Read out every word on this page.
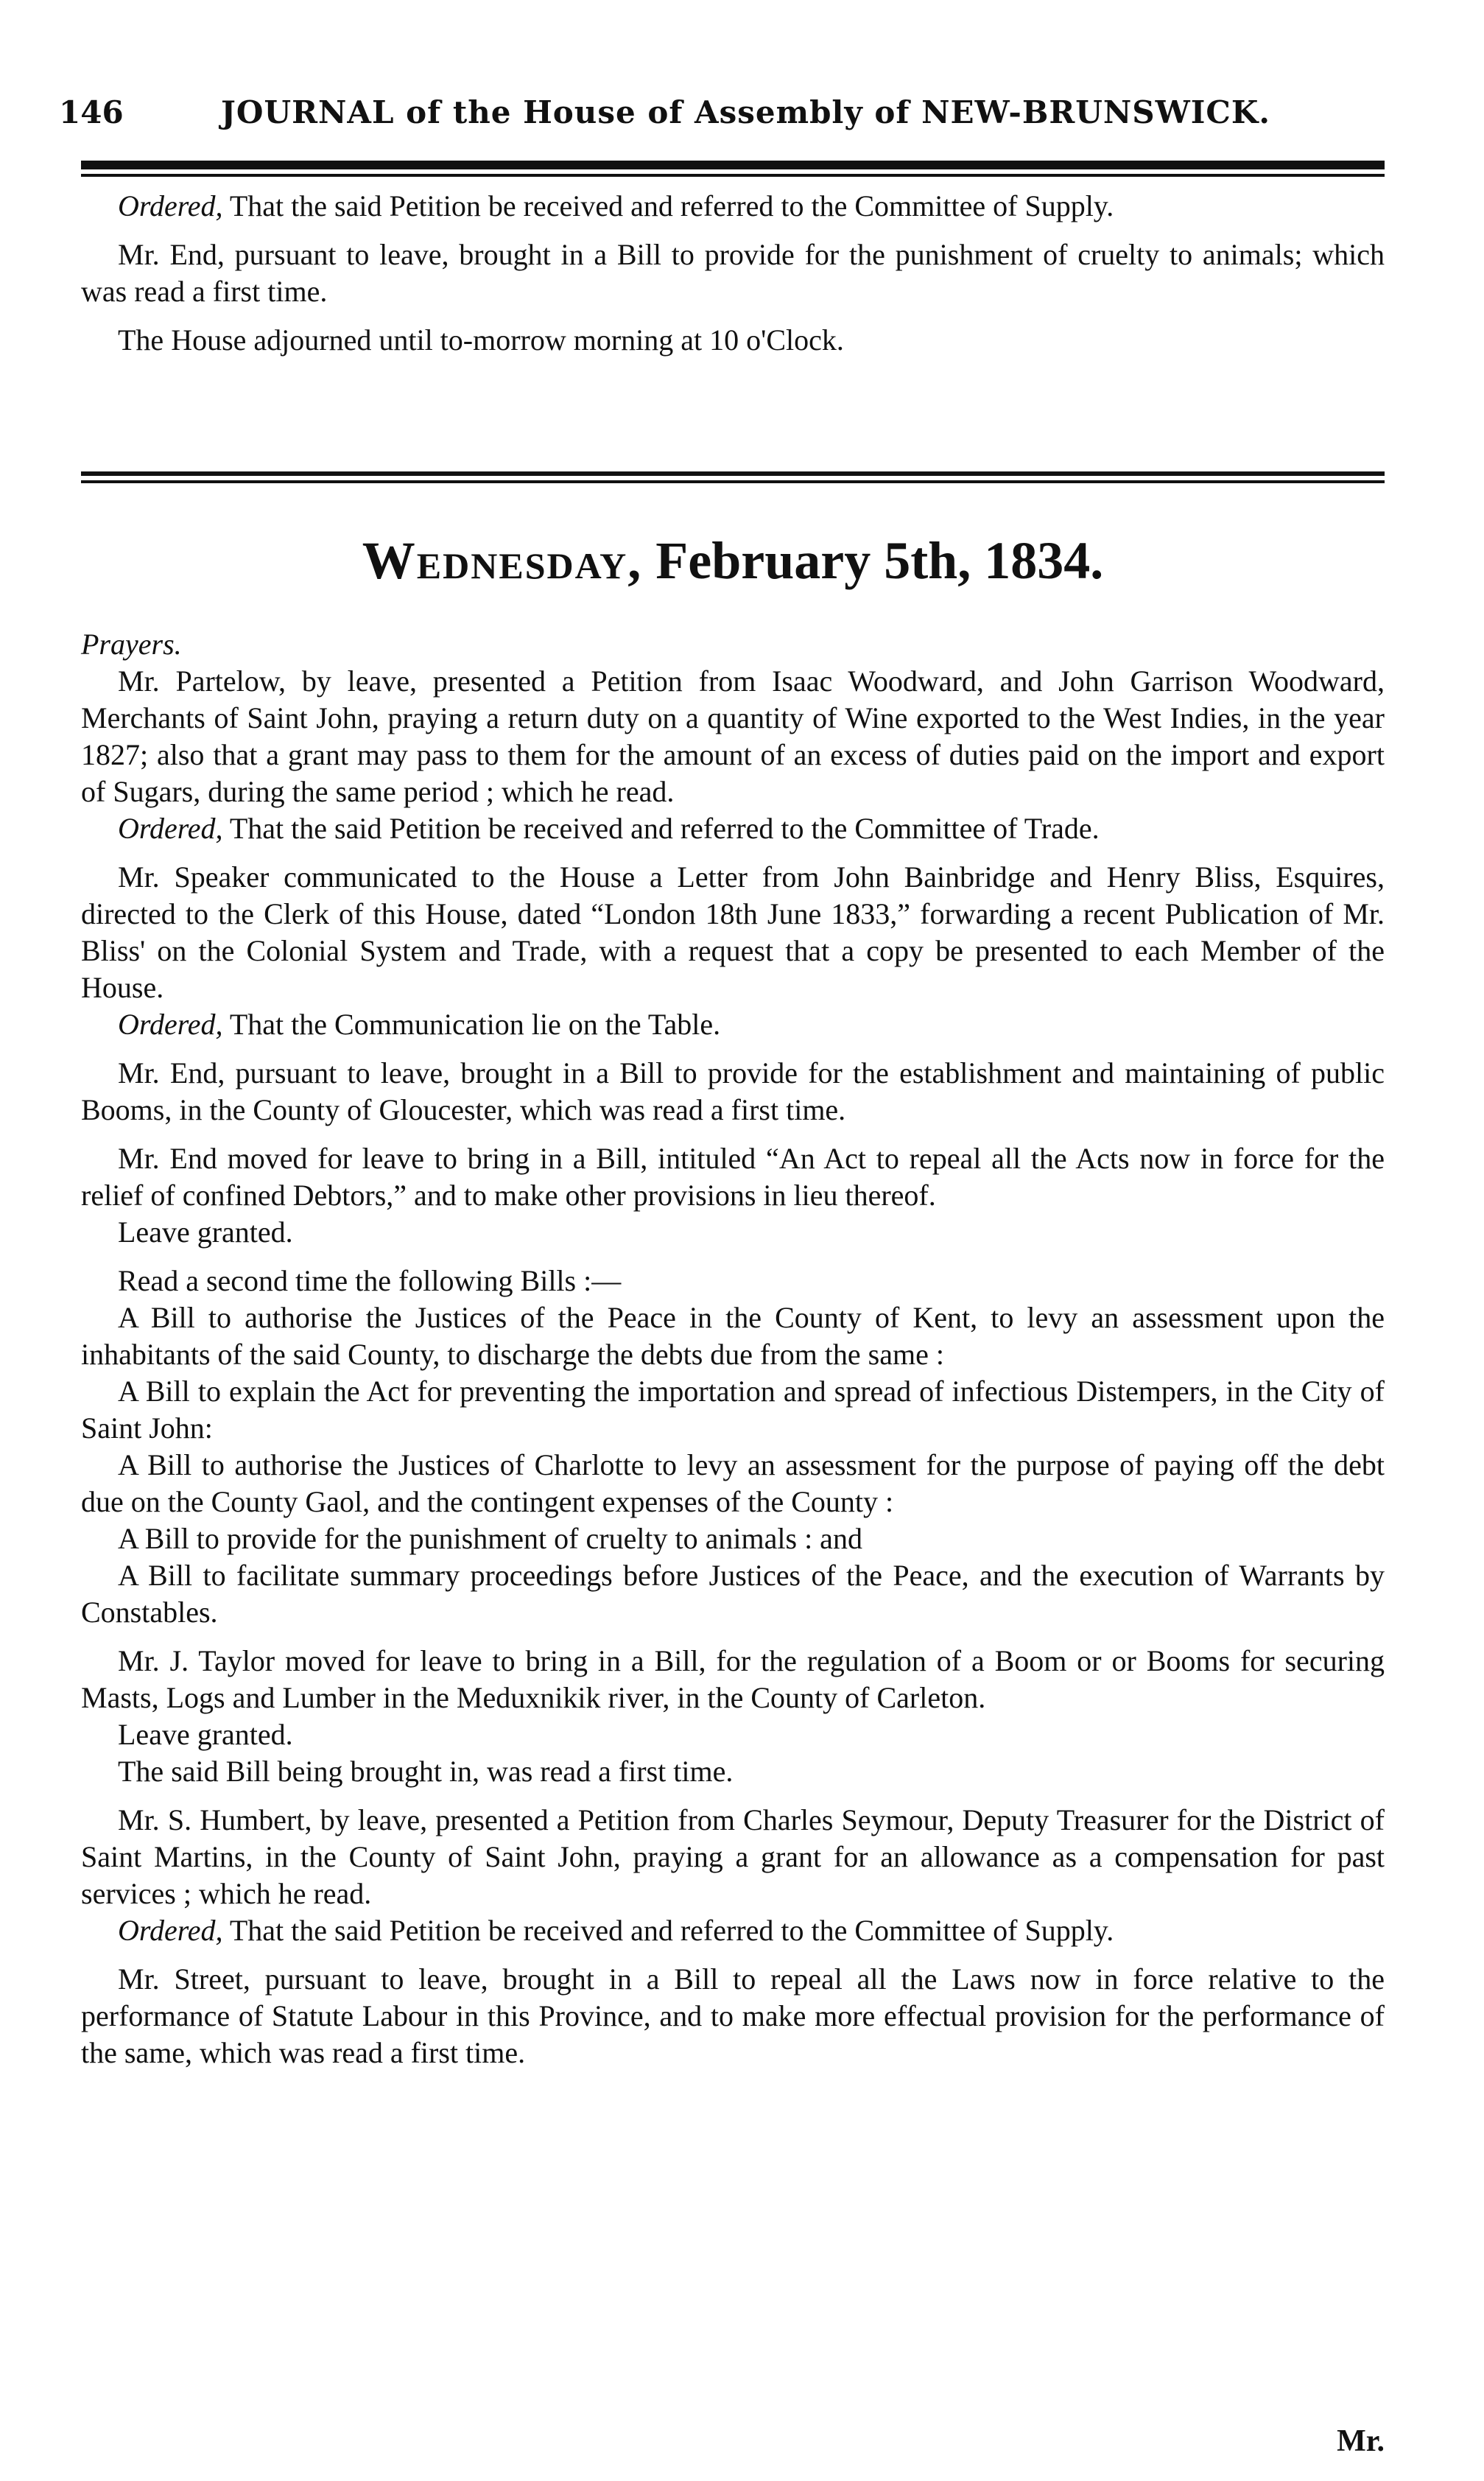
146	JOURNAL of the House of Assembly of NEW-BRUNSWICK.

Ordered, That the said Petition be received and referred to the Committee of Supply.

Mr. End, pursuant to leave, brought in a Bill to provide for the punishment of cruelty to animals; which was read a first time.

The House adjourned until to-morrow morning at 10 o'Clock.

Wednesday, February 5th, 1834.

Prayers.

Mr. Partelow, by leave, presented a Petition from Isaac Woodward, and John Garrison Woodward, Merchants of Saint John, praying a return duty on a quantity of Wine exported to the West Indies, in the year 1827; also that a grant may pass to them for the amount of an excess of duties paid on the import and export of Sugars, during the same period ; which he read.

Ordered, That the said Petition be received and referred to the Committee of Trade.

Mr. Speaker communicated to the House a Letter from John Bainbridge and Henry Bliss, Esquires, directed to the Clerk of this House, dated “London 18th June 1833,” forwarding a recent Publication of Mr. Bliss' on the Colonial System and Trade, with a request that a copy be presented to each Member of the House.

Ordered, That the Communication lie on the Table.

Mr. End, pursuant to leave, brought in a Bill to provide for the establishment and maintaining of public Booms, in the County of Gloucester, which was read a first time.

Mr. End moved for leave to bring in a Bill, intituled “An Act to repeal all the Acts now in force for the relief of confined Debtors,” and to make other provisions in lieu thereof.

Leave granted.

Read a second time the following Bills :—

A Bill to authorise the Justices of the Peace in the County of Kent, to levy an assessment upon the inhabitants of the said County, to discharge the debts due from the same :

A Bill to explain the Act for preventing the importation and spread of infectious Distempers, in the City of Saint John:

A Bill to authorise the Justices of Charlotte to levy an assessment for the purpose of paying off the debt due on the County Gaol, and the contingent expenses of the County :

A Bill to provide for the punishment of cruelty to animals : and

A Bill to facilitate summary proceedings before Justices of the Peace, and the execution of Warrants by Constables.

Mr. J. Taylor moved for leave to bring in a Bill, for the regulation of a Boom or or Booms for securing Masts, Logs and Lumber in the Meduxnikik river, in the County of Carleton.

Leave granted.

The said Bill being brought in, was read a first time.

Mr. S. Humbert, by leave, presented a Petition from Charles Seymour, Deputy Treasurer for the District of Saint Martins, in the County of Saint John, praying a grant for an allowance as a compensation for past services ; which he read.

Ordered, That the said Petition be received and referred to the Committee of Supply.

Mr. Street, pursuant to leave, brought in a Bill to repeal all the Laws now in force relative to the performance of Statute Labour in this Province, and to make more effectual provision for the performance of the same, which was read a first time.

Mr.
